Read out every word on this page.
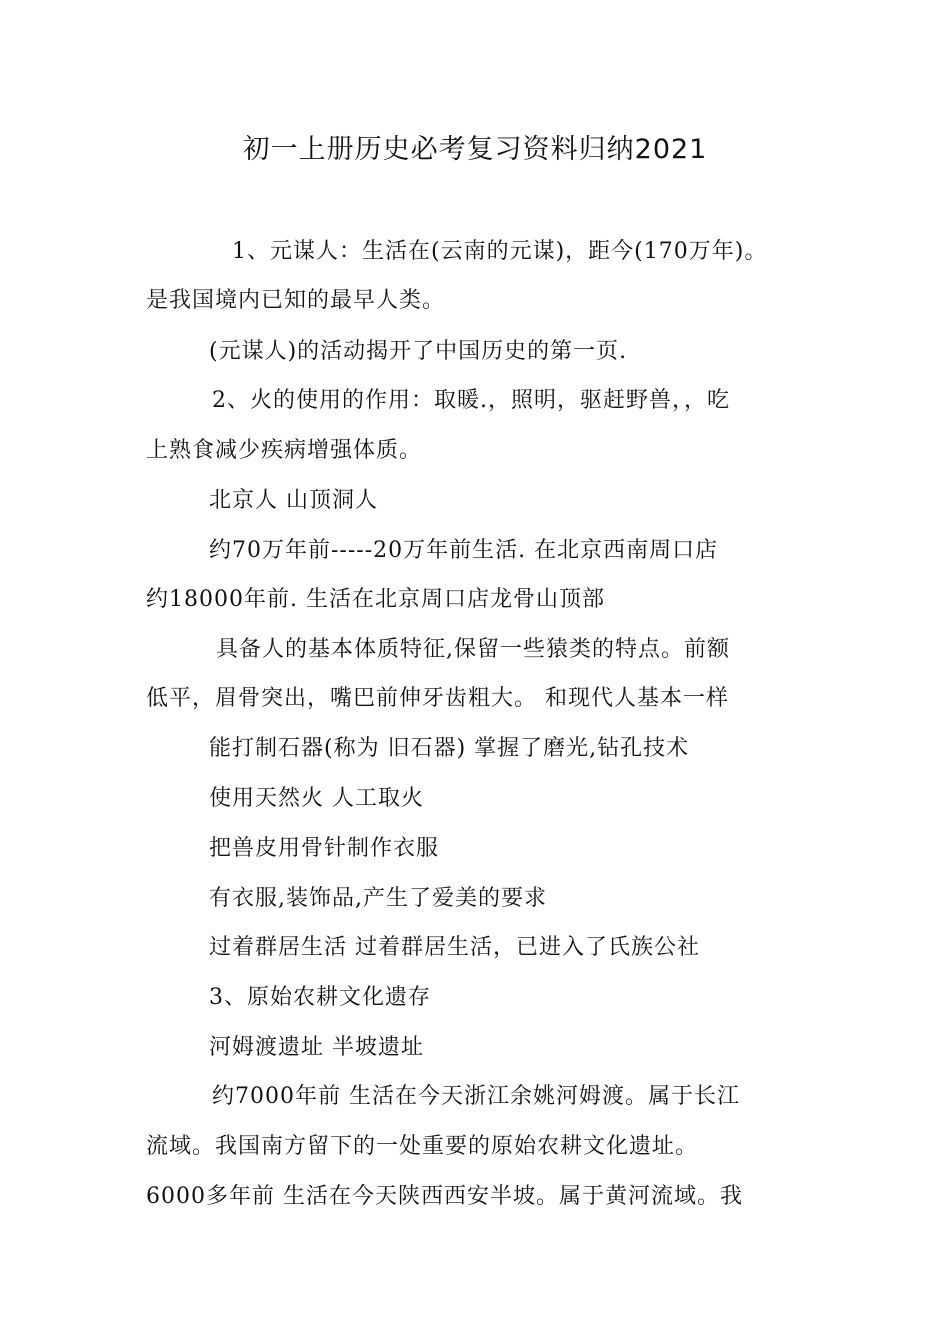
初一上册历史必考复习资料归纳2021

1、元谋人：生活在(云南的元谋)，距今(170万年)。

是我国境内已知的最早人类。

(元谋人)的活动揭开了中国历史的第一页.

2、火的使用的作用：取暖.，照明，驱赶野兽，，吃

上熟食减少疾病增强体质。

北京人 山顶洞人

约70万年前-----20万年前生活. 在北京西南周口店

约18000年前. 生活在北京周口店龙骨山顶部

具备人的基本体质特征,保留一些猿类的特点。前额

低平，眉骨突出，嘴巴前伸牙齿粗大。 和现代人基本一样

能打制石器(称为 旧石器) 掌握了磨光,钻孔技术

使用天然火 人工取火

把兽皮用骨针制作衣服

有衣服,装饰品,产生了爱美的要求

过着群居生活 过着群居生活，已进入了氏族公社

3、原始农耕文化遗存

河姆渡遗址 半坡遗址

约7000年前 生活在今天浙江余姚河姆渡。属于长江

流域。我国南方留下的一处重要的原始农耕文化遗址。

6000多年前 生活在今天陕西西安半坡。属于黄河流域。我
